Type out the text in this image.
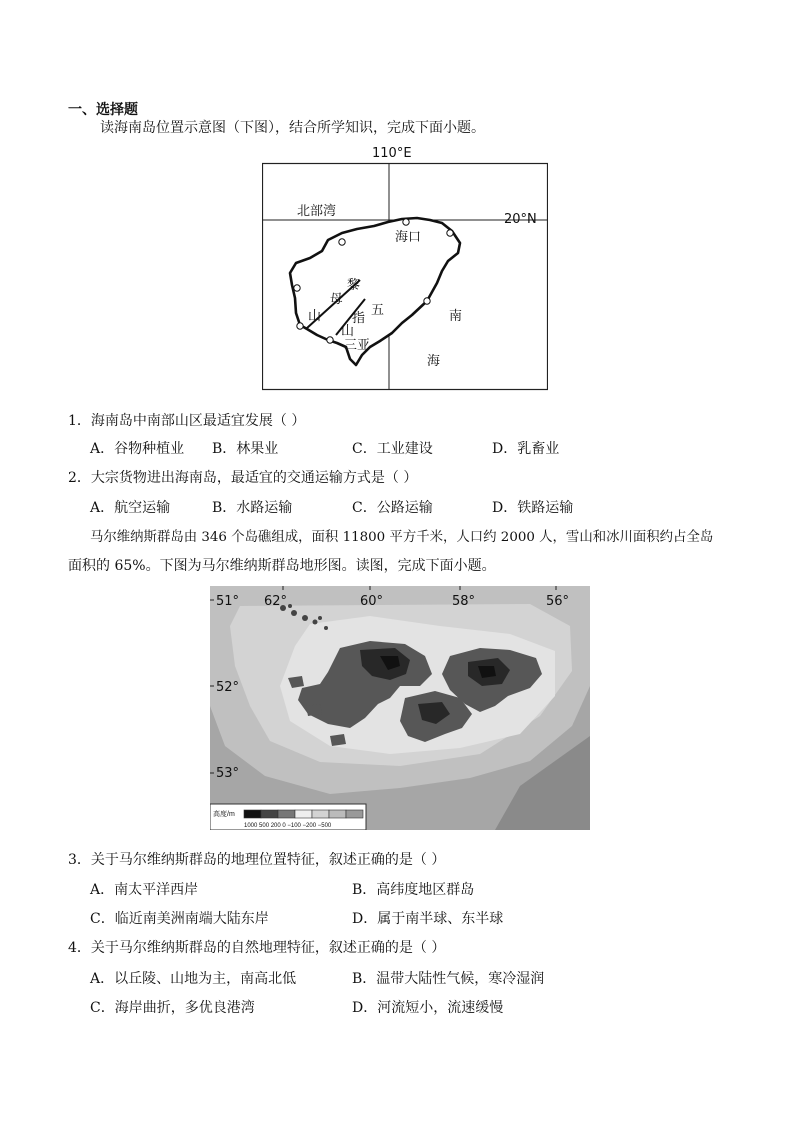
一、选择题
读海南岛位置示意图（下图），结合所学知识，完成下面小题。
110°E
20°N
北部湾
海口
三亚
黎
母
山	五
指
山
南
海
1．海南岛中南部山区最适宜发展（ ）
A．谷物种植业 B．林果业	C．工业建设	D．乳畜业
2．大宗货物进出海南岛，最适宜的交通运输方式是（ ）
A．航空运输	B．水路运输	C．公路运输	D．铁路运输
马尔维纳斯群岛由 346 个岛礁组成，面积 11800 平方千米，人口约 2000 人，雪山和冰川面积约占全岛
面积的 65%。下图为马尔维纳斯群岛地形图。读图，完成下面小题。
62°	60°	58°	56°
51°
52°
53°
高度/m
1000 500 200 0 −100 −200 −500
3．关于马尔维纳斯群岛的地理位置特征，叙述正确的是（ ）
A．南太平洋西岸	B．高纬度地区群岛
C．临近南美洲南端大陆东岸	D．属于南半球、东半球
4．关于马尔维纳斯群岛的自然地理特征，叙述正确的是（ ）
A．以丘陵、山地为主，南高北低	B．温带大陆性气候，寒冷湿润
C．海岸曲折，多优良港湾	D．河流短小，流速缓慢
